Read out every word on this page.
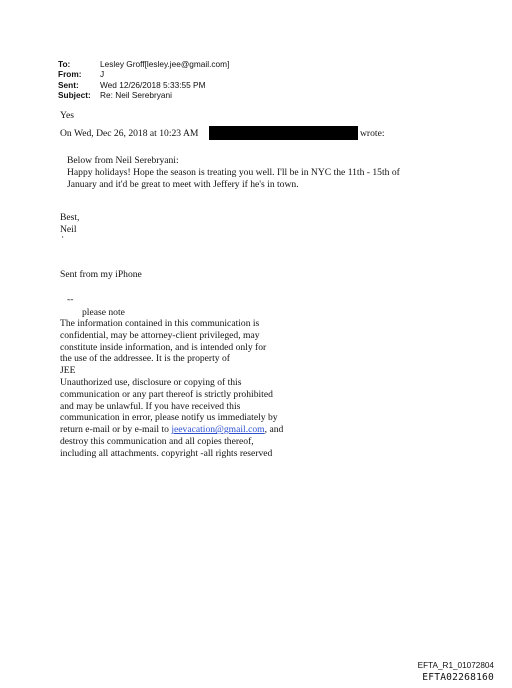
To:	Lesley Groff[lesley.jee@gmail.com]
From:	J
Sent:	Wed 12/26/2018 5:33:55 PM
Subject:	Re: Neil Serebryani
Yes
On Wed, Dec 26, 2018 at 10:23 AM	wrote:
Below from Neil Serebryani:
Happy holidays! Hope the season is treating you well. I'll be in NYC the 11th - 15th of
January and it'd be great to meet with Jeffery if he's in town.
Best,
Neil
·
Sent from my iPhone
--
please note
The information contained in this communication is
confidential, may be attorney-client privileged, may
constitute inside information, and is intended only for
the use of the addressee. It is the property of
JEE
Unauthorized use, disclosure or copying of this
communication or any part thereof is strictly prohibited
and may be unlawful. If you have received this
communication in error, please notify us immediately by
return e-mail or by e-mail to jeevacation@gmail.com, and
destroy this communication and all copies thereof,
including all attachments. copyright -all rights reserved
EFTA_R1_01072804
EFTA02268160
